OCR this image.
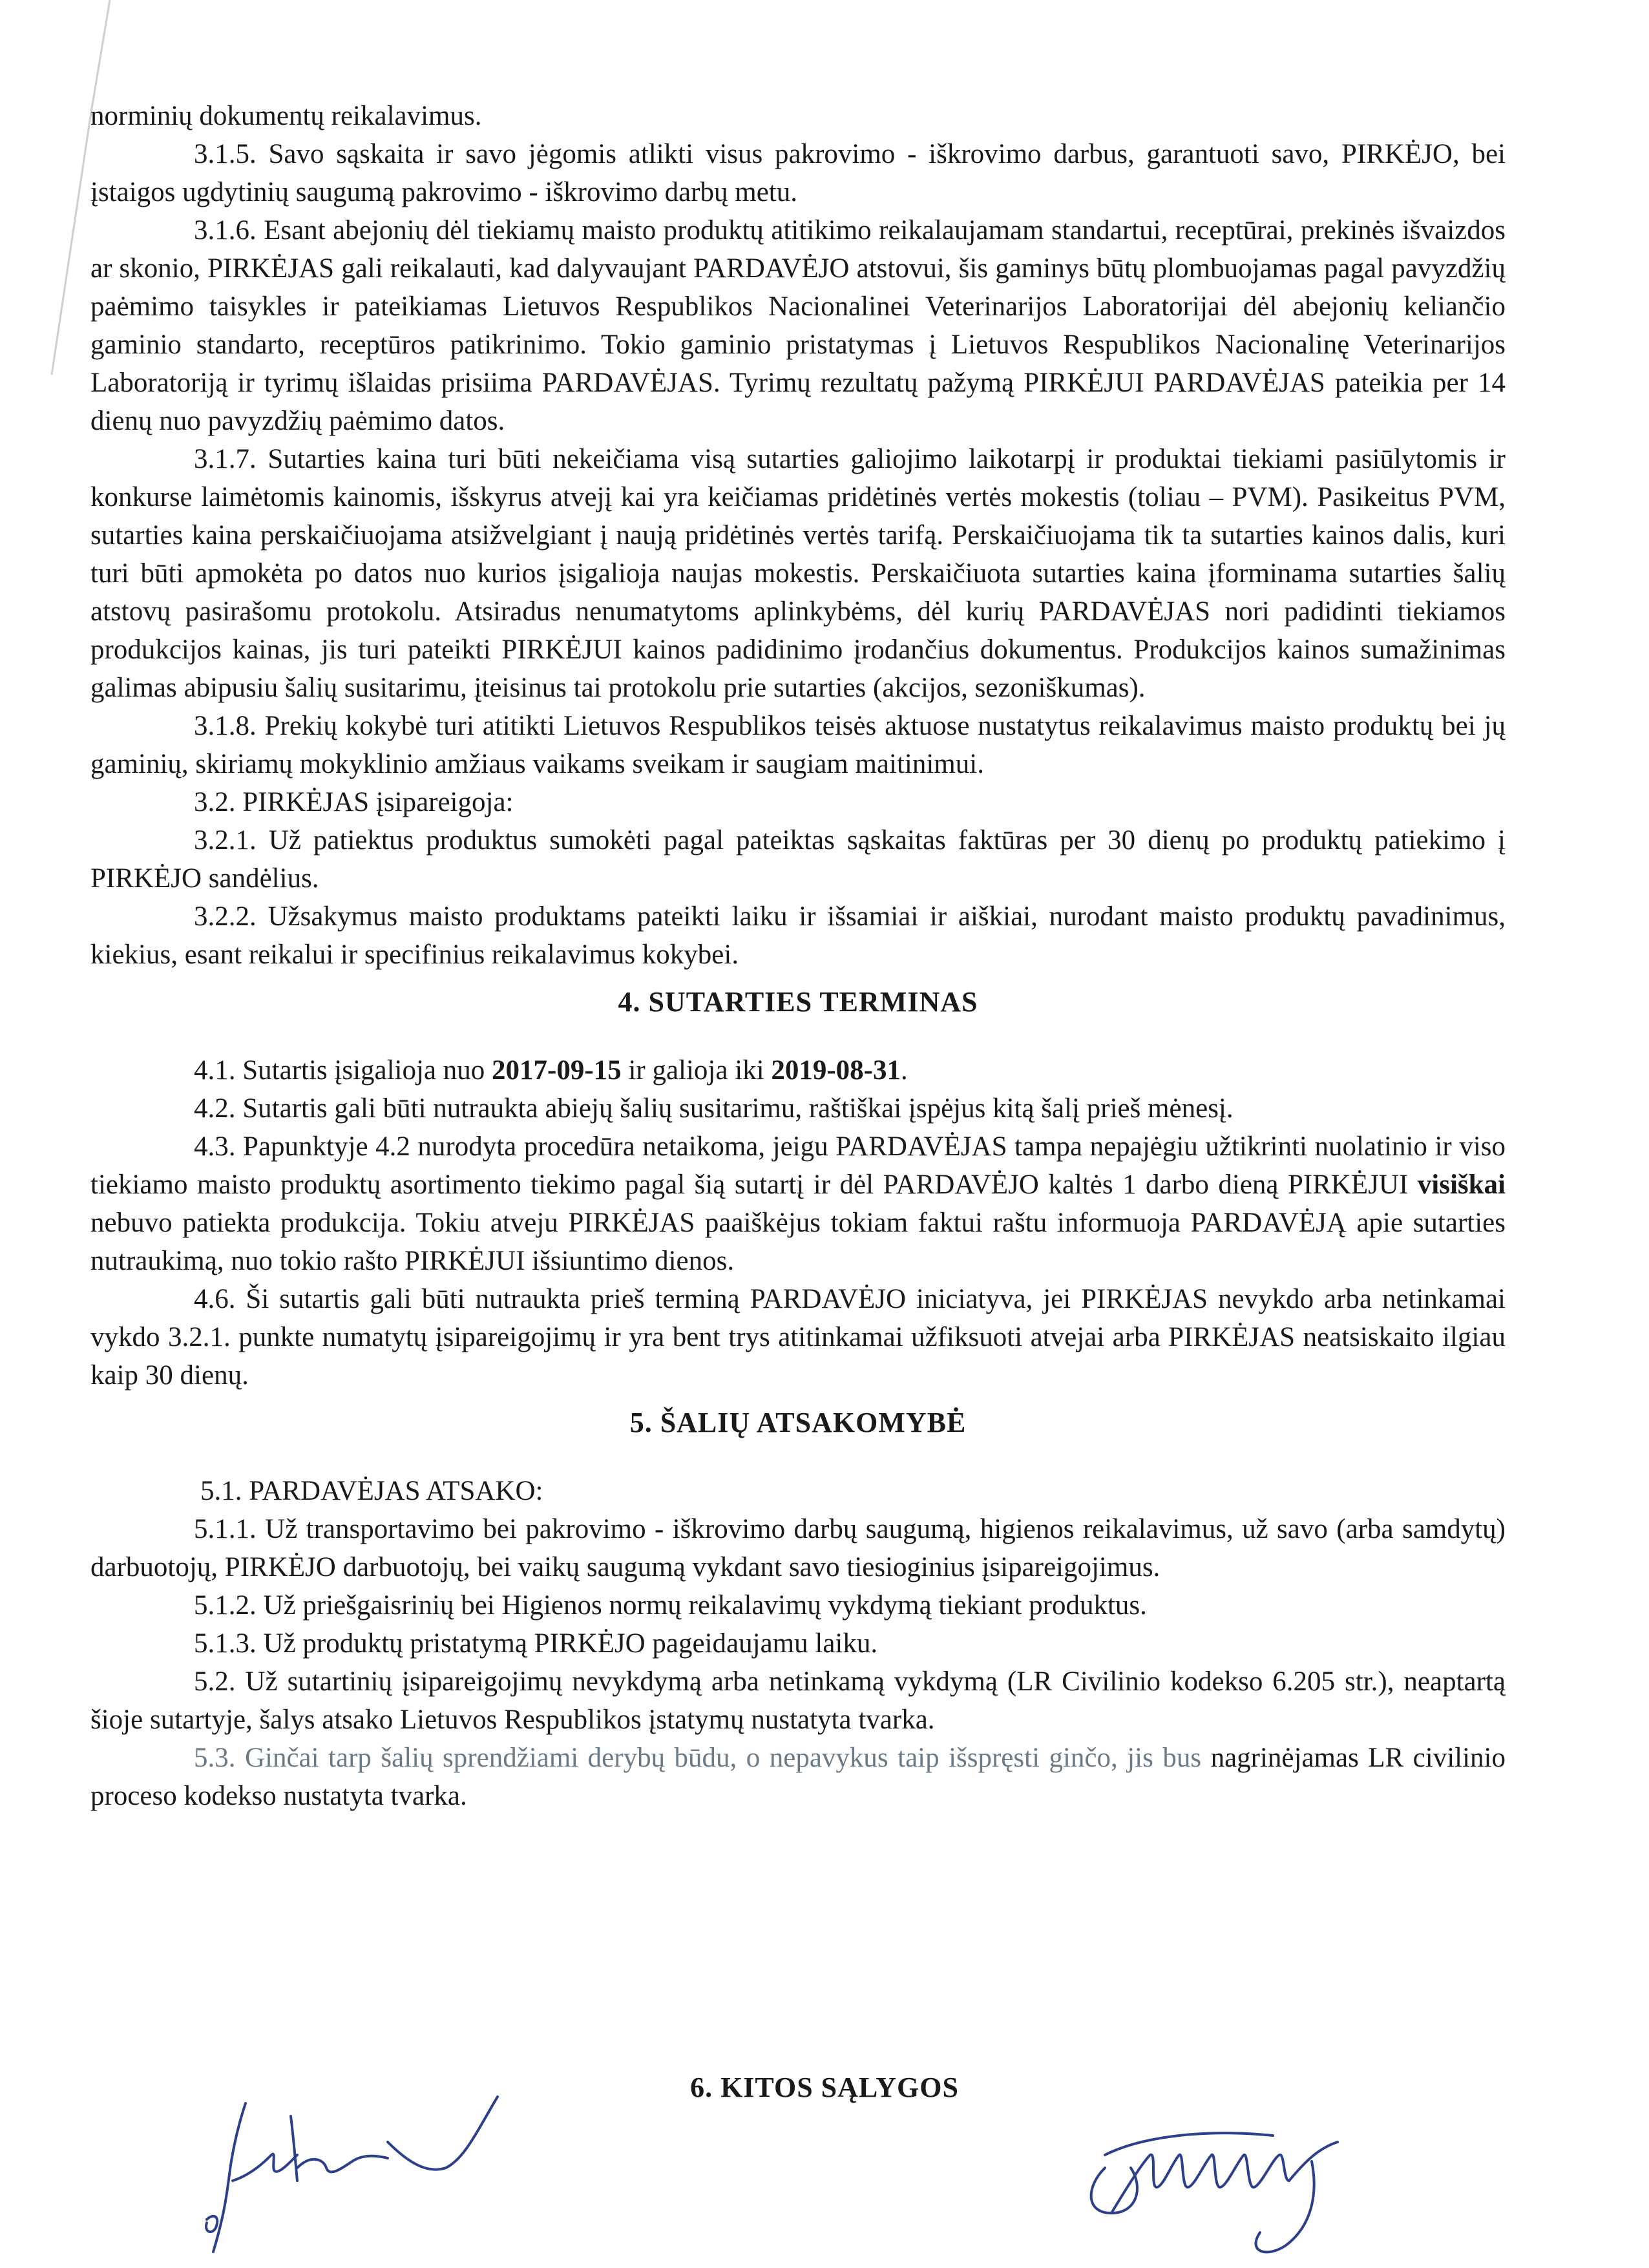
norminių dokumentų reikalavimus.

3.1.5. Savo sąskaita ir savo jėgomis atlikti visus pakrovimo - iškrovimo darbus, garantuoti savo, PIRKĖJO, bei įstaigos ugdytinių saugumą pakrovimo - iškrovimo darbų metu.

3.1.6. Esant abejonių dėl tiekiamų maisto produktų atitikimo reikalaujamam standartui, receptūrai, prekinės išvaizdos ar skonio, PIRKĖJAS gali reikalauti, kad dalyvaujant PARDAVĖJO atstovui, šis gaminys būtų plombuojamas pagal pavyzdžių paėmimo taisykles ir pateikiamas Lietuvos Respublikos Nacionalinei Veterinarijos Laboratorijai dėl abejonių keliančio gaminio standarto, receptūros patikrinimo. Tokio gaminio pristatymas į Lietuvos Respublikos Nacionalinę Veterinarijos Laboratoriją ir tyrimų išlaidas prisiima PARDAVĖJAS. Tyrimų rezultatų pažymą PIRKĖJUI PARDAVĖJAS pateikia per 14 dienų nuo pavyzdžių paėmimo datos.

3.1.7. Sutarties kaina turi būti nekeičiama visą sutarties galiojimo laikotarpį ir produktai tiekiami pasiūlytomis ir konkurse laimėtomis kainomis, išskyrus atvejį kai yra keičiamas pridėtinės vertės mokestis (toliau – PVM). Pasikeitus PVM, sutarties kaina perskaičiuojama atsižvelgiant į naują pridėtinės vertės tarifą. Perskaičiuojama tik ta sutarties kainos dalis, kuri turi būti apmokėta po datos nuo kurios įsigalioja naujas mokestis. Perskaičiuota sutarties kaina įforminama sutarties šalių atstovų pasirašomu protokolu. Atsiradus nenumatytoms aplinkybėms, dėl kurių PARDAVĖJAS nori padidinti tiekiamos produkcijos kainas, jis turi pateikti PIRKĖJUI kainos padidinimo įrodančius dokumentus. Produkcijos kainos sumažinimas galimas abipusiu šalių susitarimu, įteisinus tai protokolu prie sutarties (akcijos, sezoniškumas).

3.1.8. Prekių kokybė turi atitikti Lietuvos Respublikos teisės aktuose nustatytus reikalavimus maisto produktų bei jų gaminių, skiriamų mokyklinio amžiaus vaikams sveikam ir saugiam maitinimui.

3.2. PIRKĖJAS įsipareigoja:

3.2.1. Už patiektus produktus sumokėti pagal pateiktas sąskaitas faktūras per 30 dienų po produktų patiekimo į PIRKĖJO sandėlius.

3.2.2. Užsakymus maisto produktams pateikti laiku ir išsamiai ir aiškiai, nurodant maisto produktų pavadinimus, kiekius, esant reikalui ir specifinius reikalavimus kokybei.

4. SUTARTIES TERMINAS

4.1. Sutartis įsigalioja nuo 2017-09-15 ir galioja iki 2019-08-31.

4.2. Sutartis gali būti nutraukta abiejų šalių susitarimu, raštiškai įspėjus kitą šalį prieš mėnesį.

4.3. Papunktyje 4.2 nurodyta procedūra netaikoma, jeigu PARDAVĖJAS tampa nepajėgiu užtikrinti nuolatinio ir viso tiekiamo maisto produktų asortimento tiekimo pagal šią sutartį ir dėl PARDAVĖJO kaltės 1 darbo dieną PIRKĖJUI visiškai nebuvo patiekta produkcija. Tokiu atveju PIRKĖJAS paaiškėjus tokiam faktui raštu informuoja PARDAVĖJĄ apie sutarties nutraukimą, nuo tokio rašto PIRKĖJUI išsiuntimo dienos.

4.6. Ši sutartis gali būti nutraukta prieš terminą PARDAVĖJO iniciatyva, jei PIRKĖJAS nevykdo arba netinkamai vykdo 3.2.1. punkte numatytų įsipareigojimų ir yra bent trys atitinkamai užfiksuoti atvejai arba PIRKĖJAS neatsiskaito ilgiau kaip 30 dienų.

5. ŠALIŲ ATSAKOMYBĖ

5.1. PARDAVĖJAS ATSAKO:

5.1.1. Už transportavimo bei pakrovimo - iškrovimo darbų saugumą, higienos reikalavimus, už savo (arba samdytų) darbuotojų, PIRKĖJO darbuotojų, bei vaikų saugumą vykdant savo tiesioginius įsipareigojimus.

5.1.2. Už priešgaisrinių bei Higienos normų reikalavimų vykdymą tiekiant produktus.

5.1.3. Už produktų pristatymą PIRKĖJO pageidaujamu laiku.

5.2. Už sutartinių įsipareigojimų nevykdymą arba netinkamą vykdymą (LR Civilinio kodekso 6.205 str.), neaptartą šioje sutartyje, šalys atsako Lietuvos Respublikos įstatymų nustatyta tvarka.

5.3. Ginčai tarp šalių sprendžiami derybų būdu, o nepavykus taip išspręsti ginčo, jis bus nagrinėjamas LR civilinio proceso kodekso nustatyta tvarka.

6. KITOS SĄLYGOS
